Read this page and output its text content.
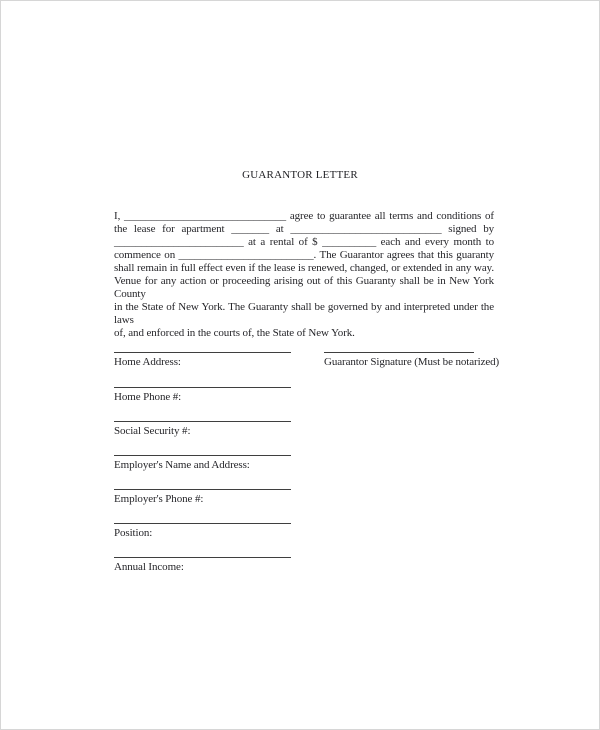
GUARANTOR LETTER
I, ______________________________ agree to guarantee all terms and conditions of
the lease for apartment _______ at ____________________________ signed by
________________________ at a rental of $ __________ each and every month to
commence on _________________________. The Guarantor agrees that this guaranty
shall remain in full effect even if the lease is renewed, changed, or extended in any way.
Venue for any action or proceeding arising out of this Guaranty shall be in New York County
in the State of New York. The Guaranty shall be governed by and interpreted under the laws
of, and enforced in the courts of, the State of New York.
Guarantor Signature (Must be notarized)
Home Address:
Home Phone #:
Social Security #:
Employer's Name and Address:
Employer's Phone #:
Position:
Annual Income:
